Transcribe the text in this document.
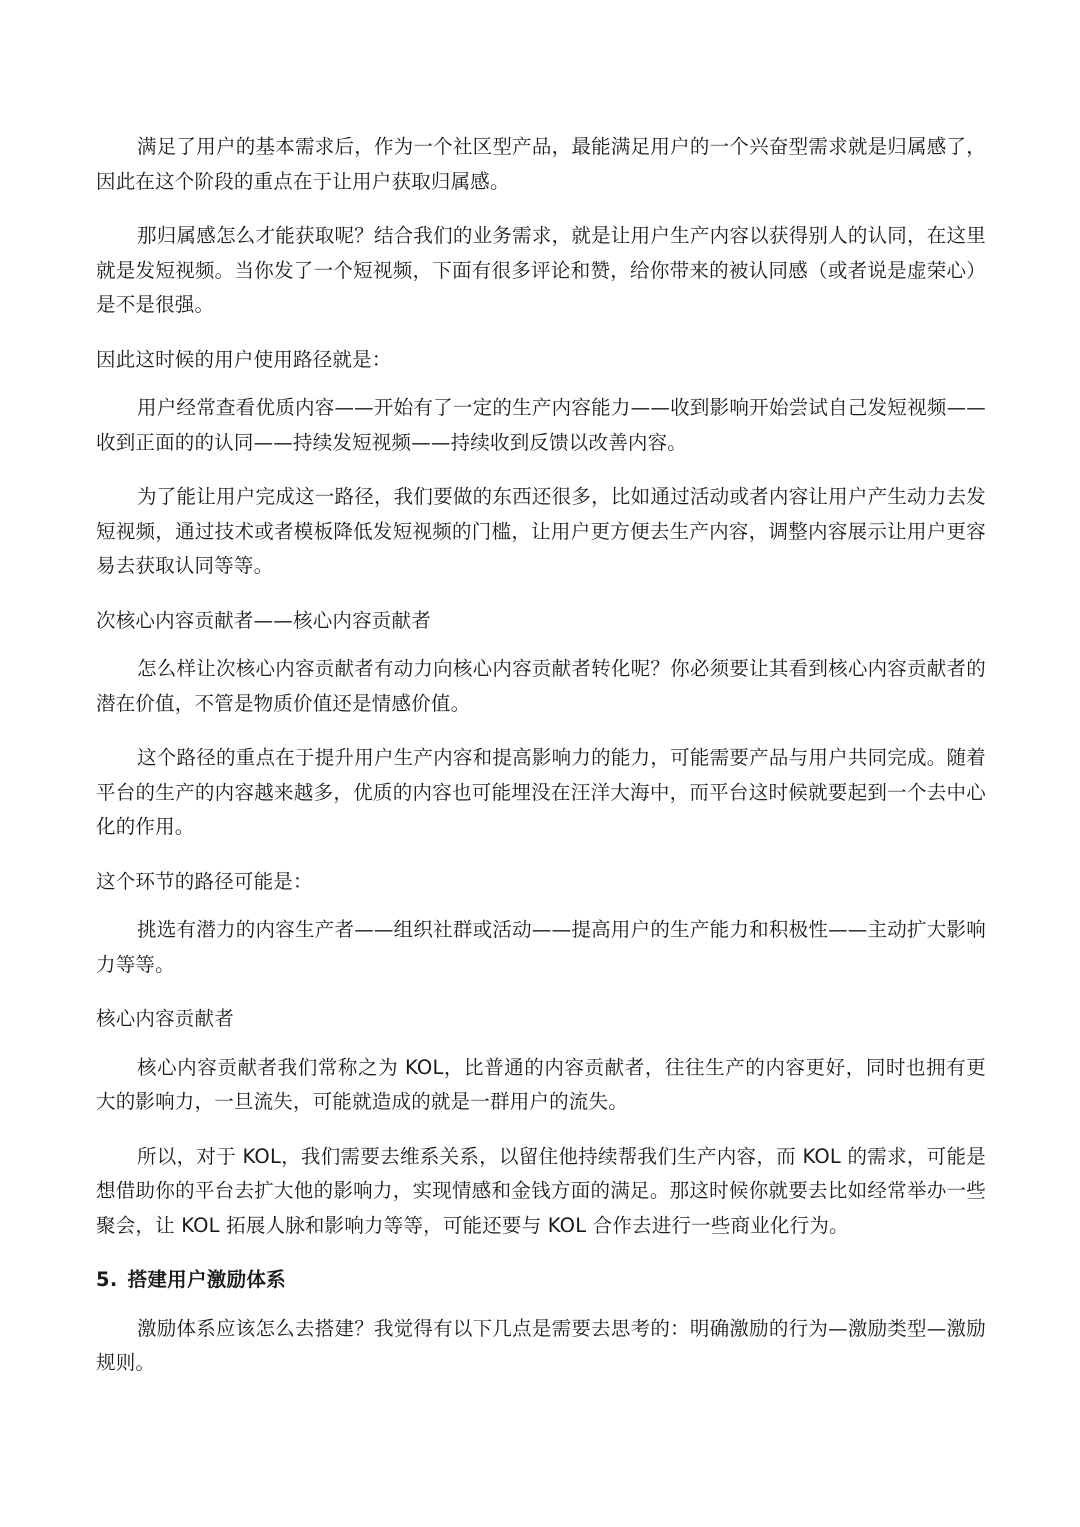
满足了用户的基本需求后，作为一个社区型产品，最能满足用户的一个兴奋型需求就是归属感了，因此在这个阶段的重点在于让用户获取归属感。

那归属感怎么才能获取呢？结合我们的业务需求，就是让用户生产内容以获得别人的认同，在这里就是发短视频。当你发了一个短视频，下面有很多评论和赞，给你带来的被认同感（或者说是虚荣心）是不是很强。

因此这时候的用户使用路径就是：

用户经常查看优质内容——开始有了一定的生产内容能力——收到影响开始尝试自己发短视频——收到正面的的认同——持续发短视频——持续收到反馈以改善内容。

为了能让用户完成这一路径，我们要做的东西还很多，比如通过活动或者内容让用户产生动力去发短视频，通过技术或者模板降低发短视频的门槛，让用户更方便去生产内容，调整内容展示让用户更容易去获取认同等等。

次核心内容贡献者——核心内容贡献者

怎么样让次核心内容贡献者有动力向核心内容贡献者转化呢？你必须要让其看到核心内容贡献者的潜在价值，不管是物质价值还是情感价值。

这个路径的重点在于提升用户生产内容和提高影响力的能力，可能需要产品与用户共同完成。随着平台的生产的内容越来越多，优质的内容也可能埋没在汪洋大海中，而平台这时候就要起到一个去中心化的作用。

这个环节的路径可能是：

挑选有潜力的内容生产者——组织社群或活动——提高用户的生产能力和积极性——主动扩大影响力等等。

核心内容贡献者

核心内容贡献者我们常称之为 KOL，比普通的内容贡献者，往往生产的内容更好，同时也拥有更大的影响力，一旦流失，可能就造成的就是一群用户的流失。

所以，对于 KOL，我们需要去维系关系，以留住他持续帮我们生产内容，而 KOL 的需求，可能是想借助你的平台去扩大他的影响力，实现情感和金钱方面的满足。那这时候你就要去比如经常举办一些聚会，让 KOL 拓展人脉和影响力等等，可能还要与 KOL 合作去进行一些商业化行为。

5. 搭建用户激励体系

激励体系应该怎么去搭建？我觉得有以下几点是需要去思考的：明确激励的行为—激励类型—激励规则。
